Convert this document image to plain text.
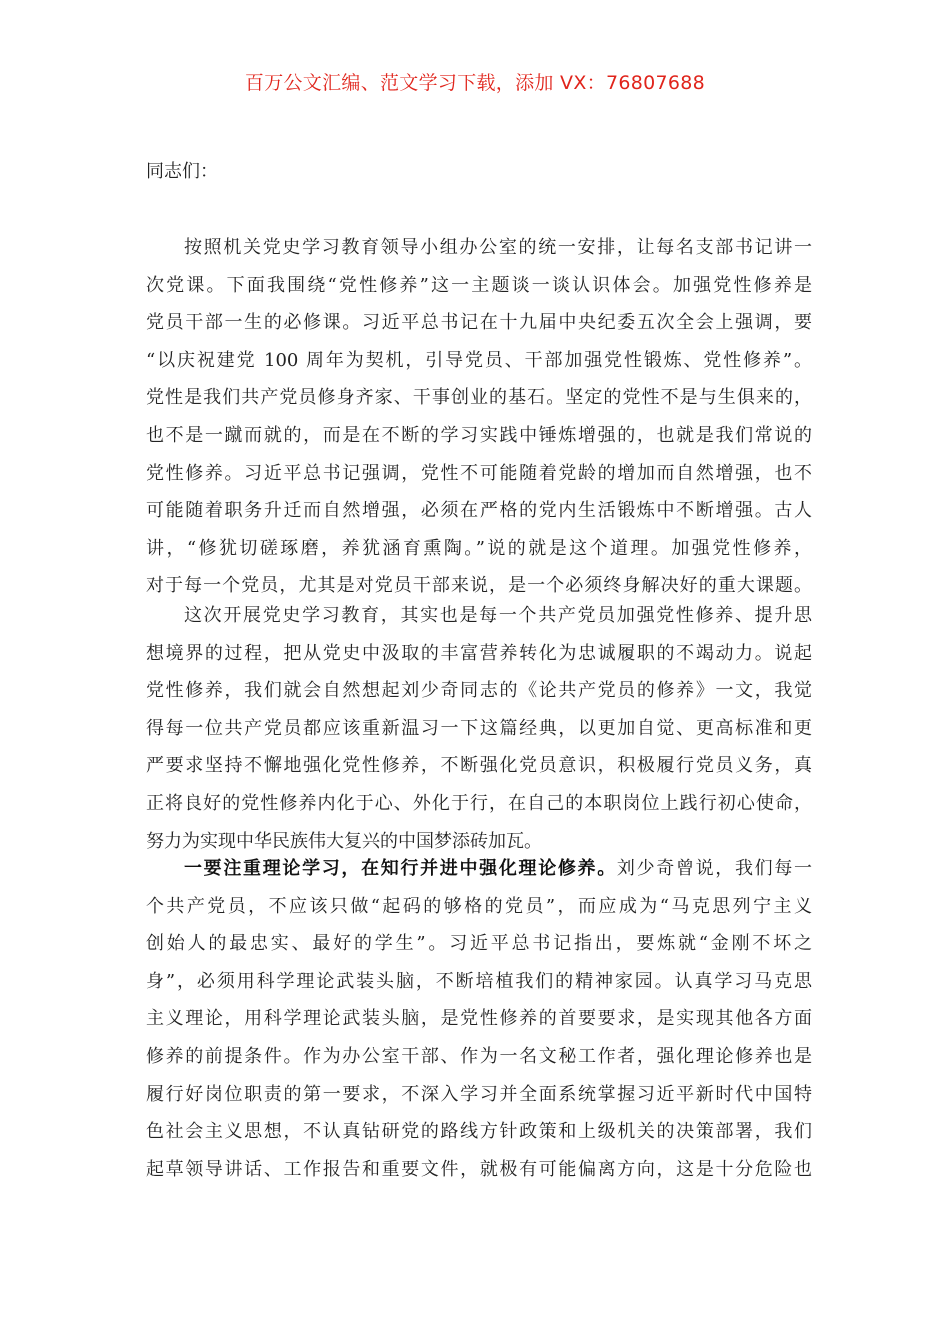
百万公文汇编、范文学习下载，添加 VX：76807688
同志们：
按照机关党史学习教育领导小组办公室的统一安排，让每名支部书记讲一
次党课。下面我围绕“党性修养”这一主题谈一谈认识体会。加强党性修养是
党员干部一生的必修课。习近平总书记在十九届中央纪委五次全会上强调，要
“以庆祝建党 100 周年为契机，引导党员、干部加强党性锻炼、党性修养”。
党性是我们共产党员修身齐家、干事创业的基石。坚定的党性不是与生俱来的，
也不是一蹴而就的，而是在不断的学习实践中锤炼增强的，也就是我们常说的
党性修养。习近平总书记强调，党性不可能随着党龄的增加而自然增强，也不
可能随着职务升迁而自然增强，必须在严格的党内生活锻炼中不断增强。古人
讲，“修犹切磋琢磨，养犹涵育熏陶。”说的就是这个道理。加强党性修养，
对于每一个党员，尤其是对党员干部来说，是一个必须终身解决好的重大课题。
这次开展党史学习教育，其实也是每一个共产党员加强党性修养、提升思
想境界的过程，把从党史中汲取的丰富营养转化为忠诚履职的不竭动力。说起
党性修养，我们就会自然想起刘少奇同志的《论共产党员的修养》一文，我觉
得每一位共产党员都应该重新温习一下这篇经典，以更加自觉、更高标准和更
严要求坚持不懈地强化党性修养，不断强化党员意识，积极履行党员义务，真
正将良好的党性修养内化于心、外化于行，在自己的本职岗位上践行初心使命，
努力为实现中华民族伟大复兴的中国梦添砖加瓦。
一要注重理论学习，在知行并进中强化理论修养。刘少奇曾说，我们每一
个共产党员，不应该只做“起码的够格的党员”，而应成为“马克思列宁主义
创始人的最忠实、最好的学生”。习近平总书记指出，要炼就“金刚不坏之
身”，必须用科学理论武装头脑，不断培植我们的精神家园。认真学习马克思
主义理论，用科学理论武装头脑，是党性修养的首要要求，是实现其他各方面
修养的前提条件。作为办公室干部、作为一名文秘工作者，强化理论修养也是
履行好岗位职责的第一要求，不深入学习并全面系统掌握习近平新时代中国特
色社会主义思想，不认真钻研党的路线方针政策和上级机关的决策部署，我们
起草领导讲话、工作报告和重要文件，就极有可能偏离方向，这是十分危险也
